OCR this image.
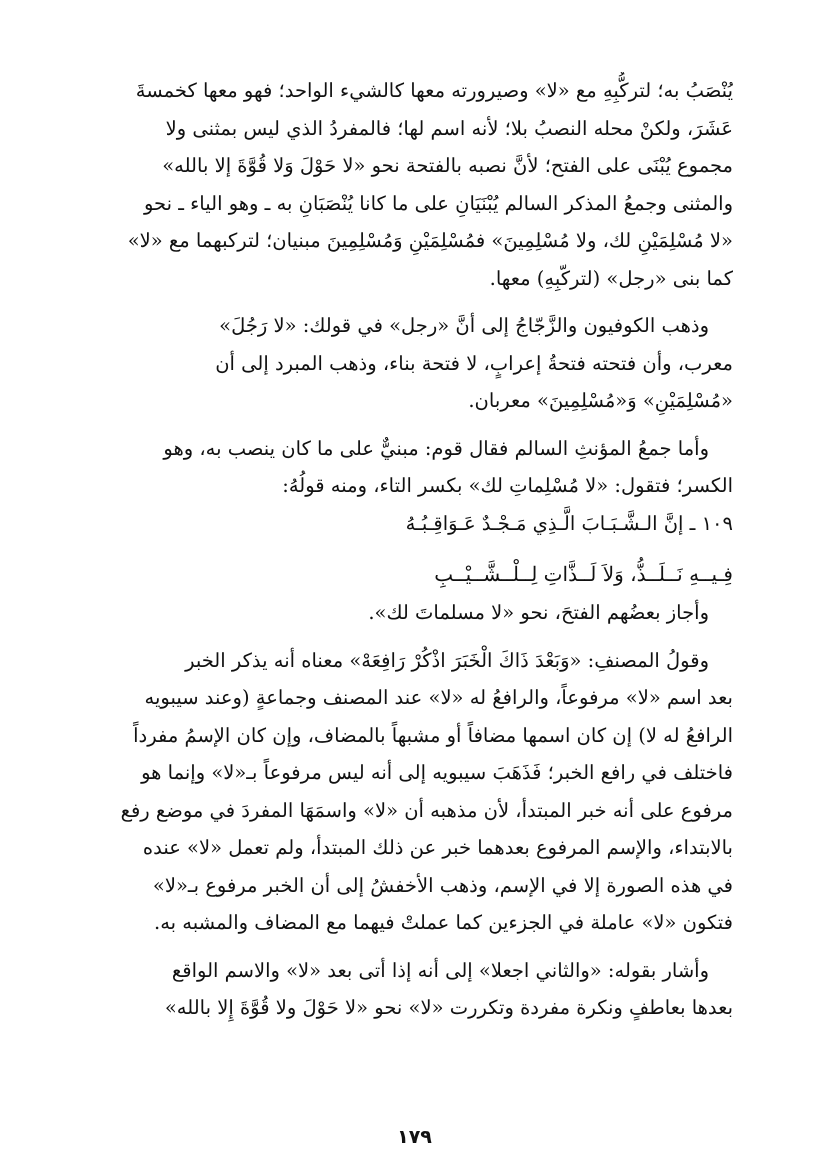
يُنْصَبُ به؛ لتركُّبِهِ مع «لا» وصيرورته معها كالشيء الواحد؛ فهو معها كخمسةَ
عَشَرَ، ولكنْ محله النصبُ بلا؛ لأنه اسم لها؛ فالمفردُ الذي ليس بمثنى ولا
مجموع يُبْنَى على الفتح؛ لأنَّ نصبه بالفتحة نحو «لا حَوْلَ وَلا قُوَّةَ إلا بالله»
والمثنى وجمعُ المذكر السالم يُبْنَيَانِ على ما كانا يُنْصَبَانِ به ـ وهو الياء ـ نحو
«لا مُسْلِمَيْنِ لك، ولا مُسْلِمِينَ» فمُسْلِمَيْنِ وَمُسْلِمِينَ مبنيان؛ لتركبهما مع «لا»
كما بنى «رجل» (لتركّبِهِ) معها.

وذهب الكوفيون والزَّجّاجُ إلى أنَّ «رجل» في قولك: «لا رَجُلَ»
معرب، وأن فتحته فتحةُ إعرابٍ، لا فتحة بناء، وذهب المبرد إلى أن
«مُسْلِمَيْنِ» وَ«مُسْلِمِينَ» معربان.

وأما جمعُ المؤنثِ السالم فقال قوم: مبنيٌّ على ما كان ينصب به، وهو
الكسر؛ فتقول: «لا مُسْلِماتِ لك» بكسر التاء، ومنه قولُهُ:
١٠٩ ـ إنَّ الـشَّـبَـابَ الَّـذِي مَـجْـدٌ عَـوَاقِـبُـهُ
فِـيــهِ نَــلَــذُّ، وَلاَ لَــذَّاتِ لِــلْــشَّــيْــبِ
وأجاز بعضُهم الفتحَ، نحو «لا مسلماتَ لك».

وقولُ المصنفِ: «وَبَعْدَ ذَاكَ الْخَبَرَ اذْكُرْ رَافِعَهْ» معناه أنه يذكر الخبر
بعد اسم «لا» مرفوعاً، والرافعُ له «لا» عند المصنف وجماعةٍ (وعند سيبويه
الرافعُ له لا) إن كان اسمها مضافاً أو مشبهاً بالمضاف، وإن كان الإسمُ مفرداً
فاختلف في رافع الخبر؛ فَذَهَبَ سيبويه إلى أنه ليس مرفوعاً بـ«لا» وإنما هو
مرفوع على أنه خبر المبتدأ، لأن مذهبه أن «لا» واسمَهَا المفردَ في موضع رفع
بالابتداء، والإسم المرفوع بعدهما خبر عن ذلك المبتدأ، ولم تعمل «لا» عنده
في هذه الصورة إلا في الإسم، وذهب الأخفشُ إلى أن الخبر مرفوع بـ«لا»
فتكون «لا» عاملة في الجزءين كما عملتْ فيهما مع المضاف والمشبه به.

وأشار بقوله: «والثاني اجعلا» إلى أنه إذا أتى بعد «لا» والاسم الواقع
بعدها بعاطفٍ ونكرة مفردة وتكررت «لا» نحو «لا حَوْلَ ولا قُوَّةَ إِلا بالله»

١٧٩
